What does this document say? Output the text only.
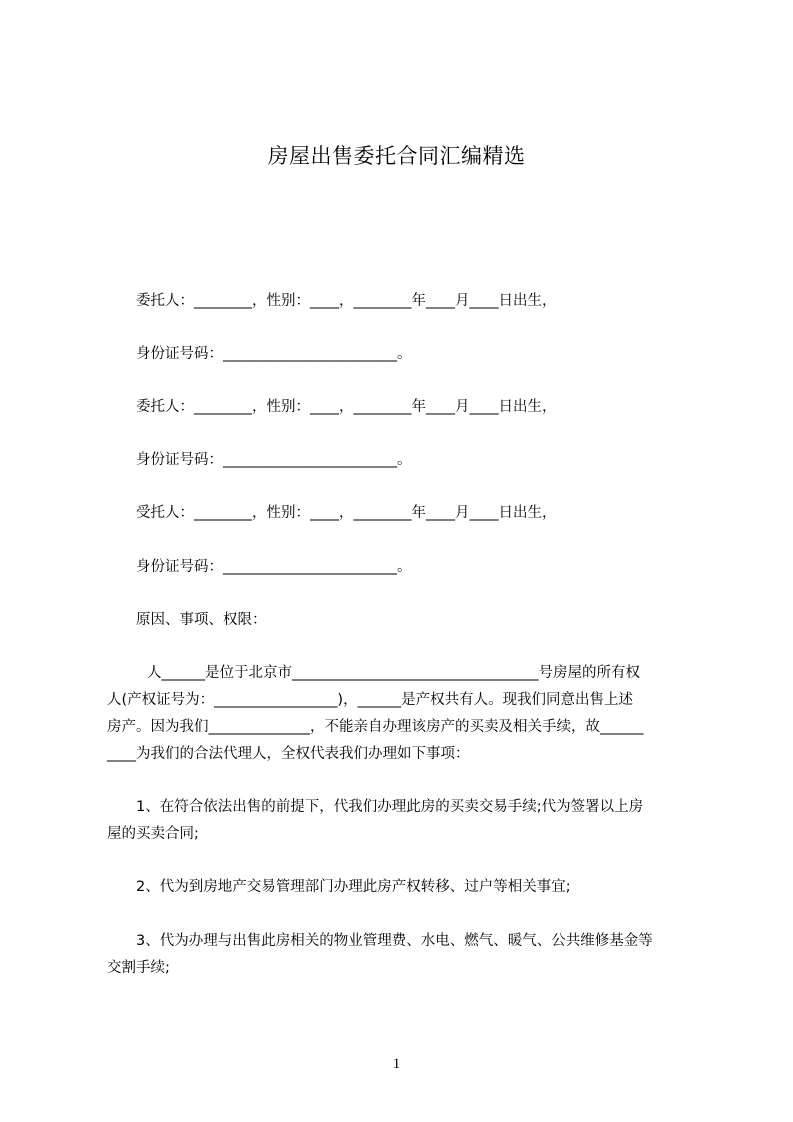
房屋出售委托合同汇编精选
委托人：________，性别：____，________年____月____日出生，
身份证号码：________________________。
委托人：________，性别：____，________年____月____日出生，
身份证号码：________________________。
受托人：________，性别：____，________年____月____日出生，
身份证号码：________________________。
原因、事项、权限：
人______是位于北京市__________________________________号房屋的所有权
人(产权证号为：_________________)，______是产权共有人。现我们同意出售上述
房产。因为我们______________，不能亲自办理该房产的买卖及相关手续，故______
____为我们的合法代理人，全权代表我们办理如下事项：
1、在符合依法出售的前提下，代我们办理此房的买卖交易手续;代为签署以上房
屋的买卖合同;
2、代为到房地产交易管理部门办理此房产权转移、过户等相关事宜;
3、代为办理与出售此房相关的物业管理费、水电、燃气、暖气、公共维修基金等
交割手续;
1
